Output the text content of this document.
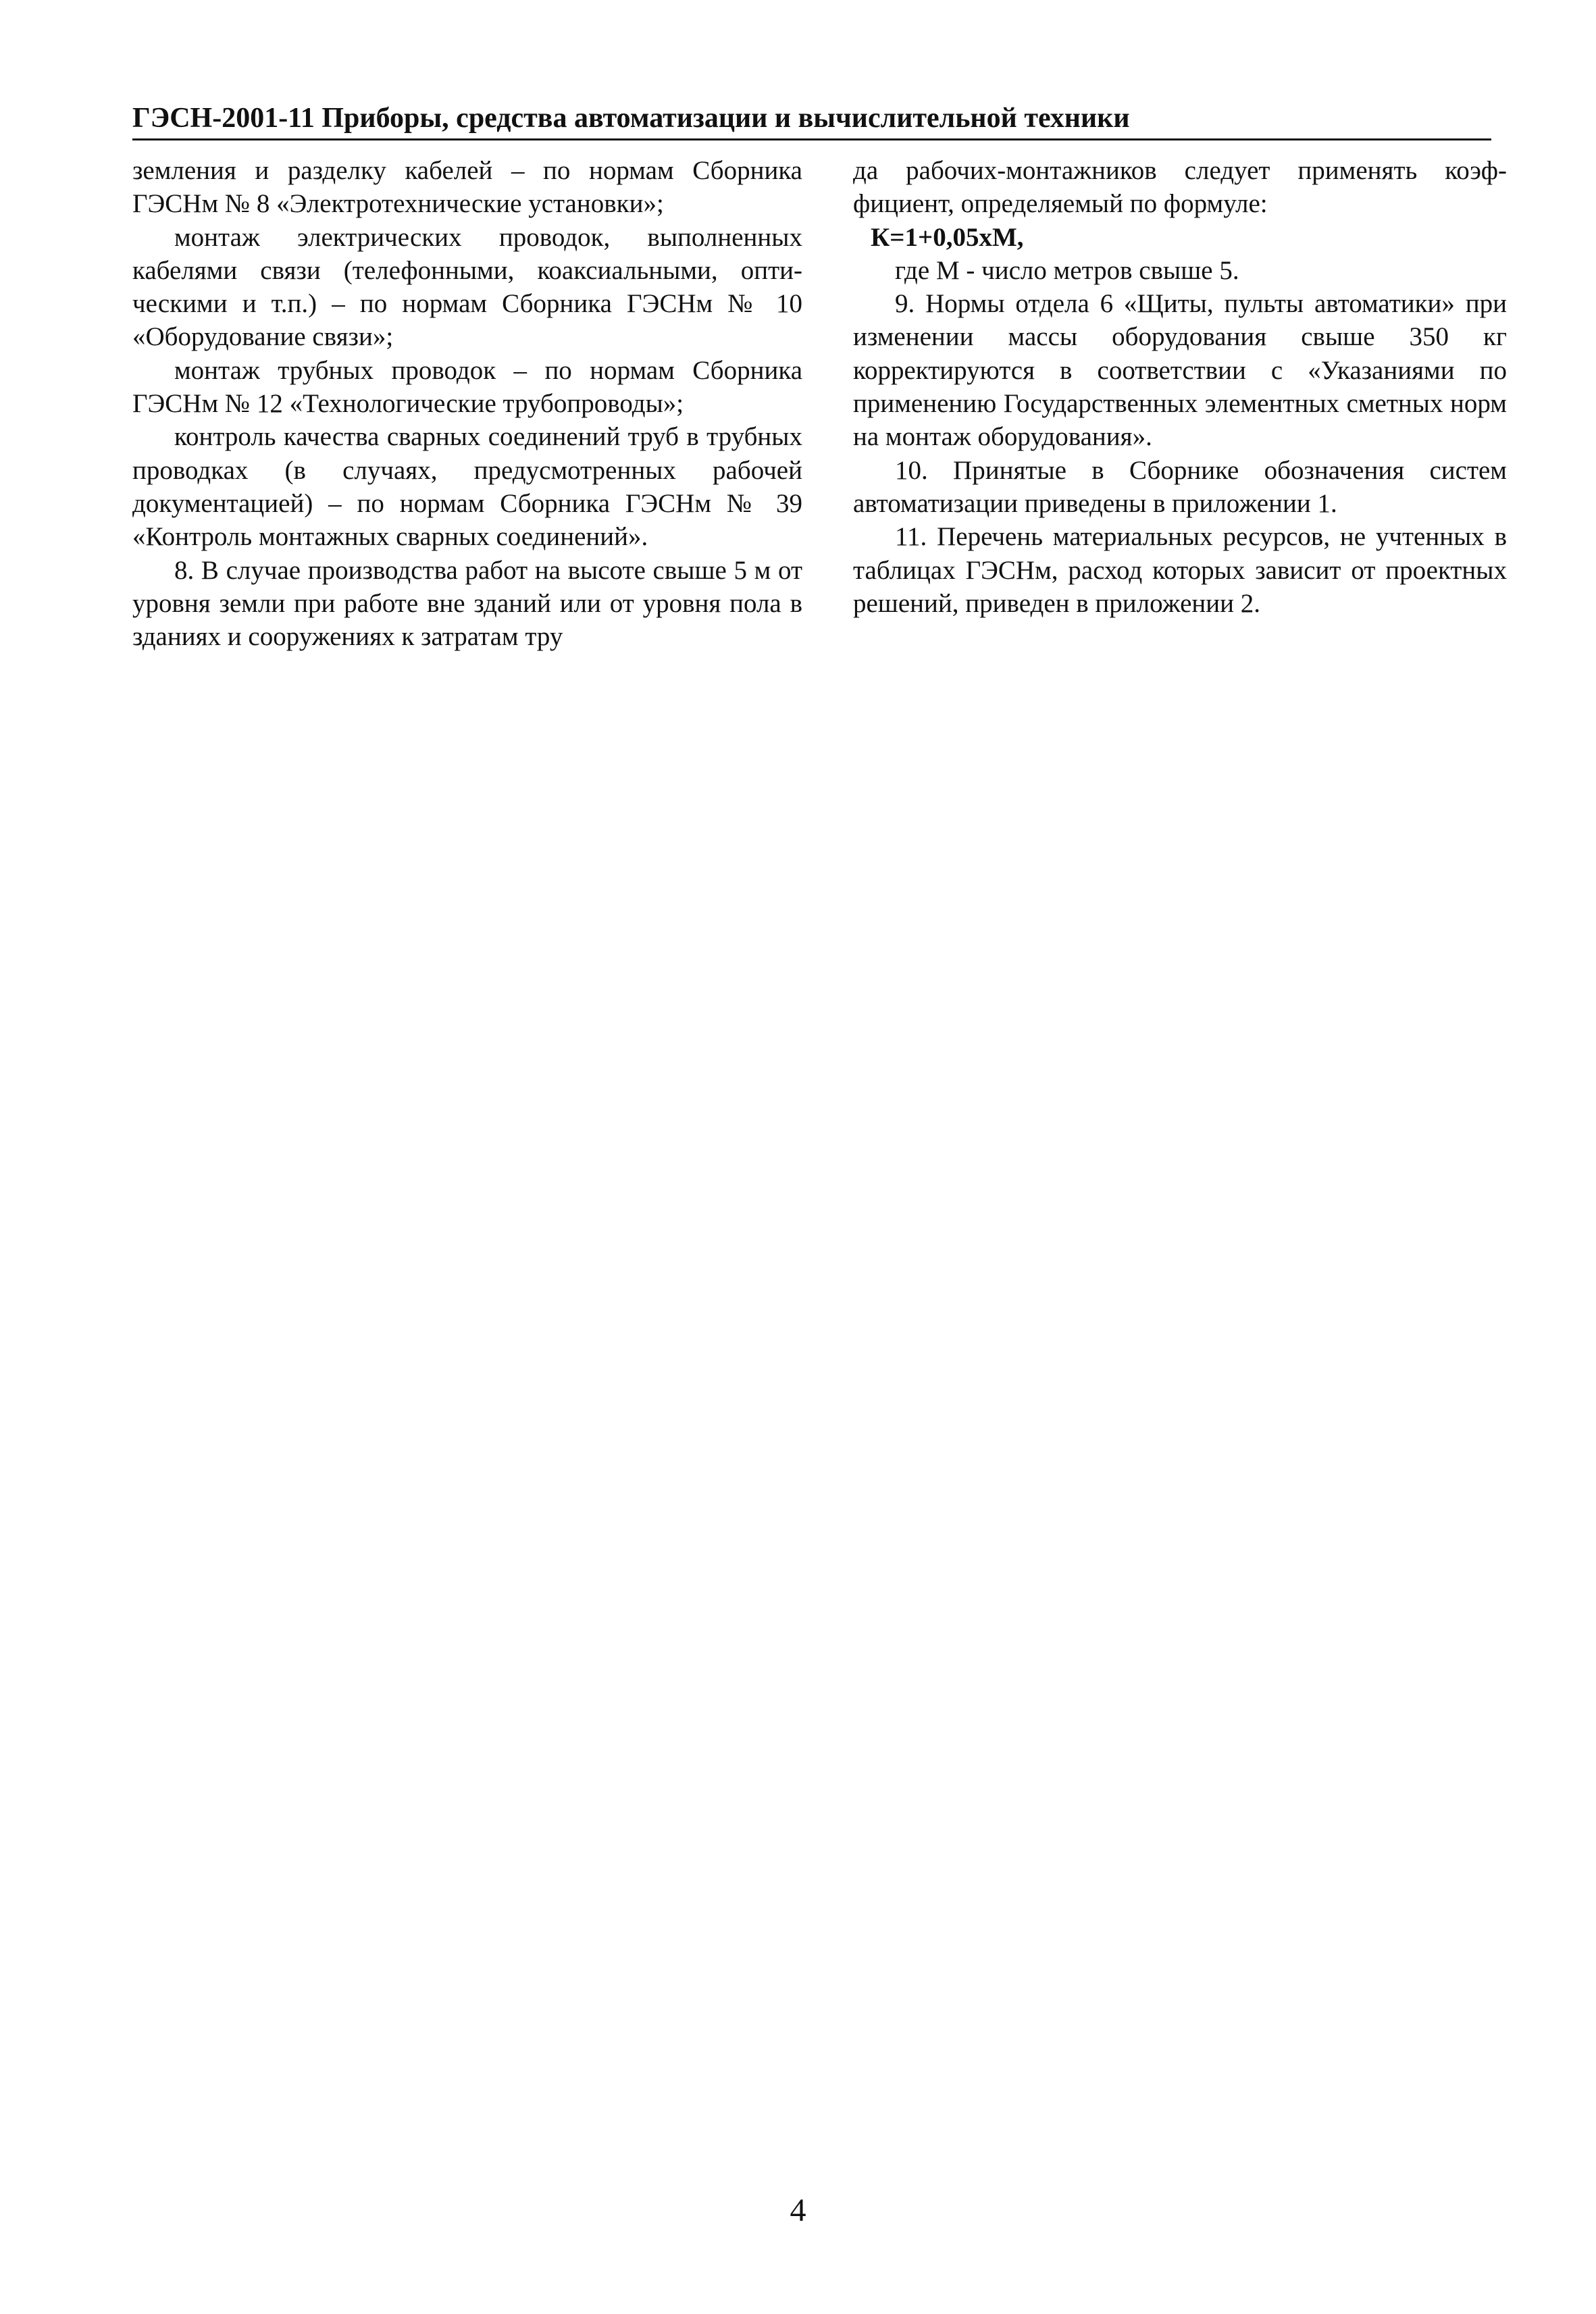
ГЭСН-2001-11 Приборы, средства автоматизации и вычислительной техники

земления и разделку кабелей – по нормам Сборника ГЭСНм № 8 «Электротехнические установки»;

монтаж электрических проводок, выполненных кабелями связи (телефонными, коаксиальными, оптическими и т.п.) – по нормам Сборника ГЭСНм № 10 «Оборудование связи»;

монтаж трубных проводок – по нормам Сборника ГЭСНм № 12 «Технологические трубопроводы»;

контроль качества сварных соединений труб в трубных проводках (в случаях, предусмотренных рабочей документацией) – по нормам Сборника ГЭСНм № 39 «Контроль монтажных сварных соединений».

8. В случае производства работ на высоте свыше 5 м от уровня земли при работе вне зданий или от уровня пола в зданиях и сооружениях к затратам тру

да рабочих-монтажников следует применять коэффициент, определяемый по формуле:

К=1+0,05хМ,

где М - число метров свыше 5.

9. Нормы отдела 6 «Щиты, пульты автоматики» при изменении массы оборудования свыше 350 кг корректируются в соответствии с «Указаниями по применению Государственных элементных сметных норм на монтаж оборудования».

10. Принятые в Сборнике обозначения систем автоматизации приведены в приложении 1.

11. Перечень материальных ресурсов, не учтенных в таблицах ГЭСНм, расход которых зависит от проектных решений, приведен в приложении 2.

4
